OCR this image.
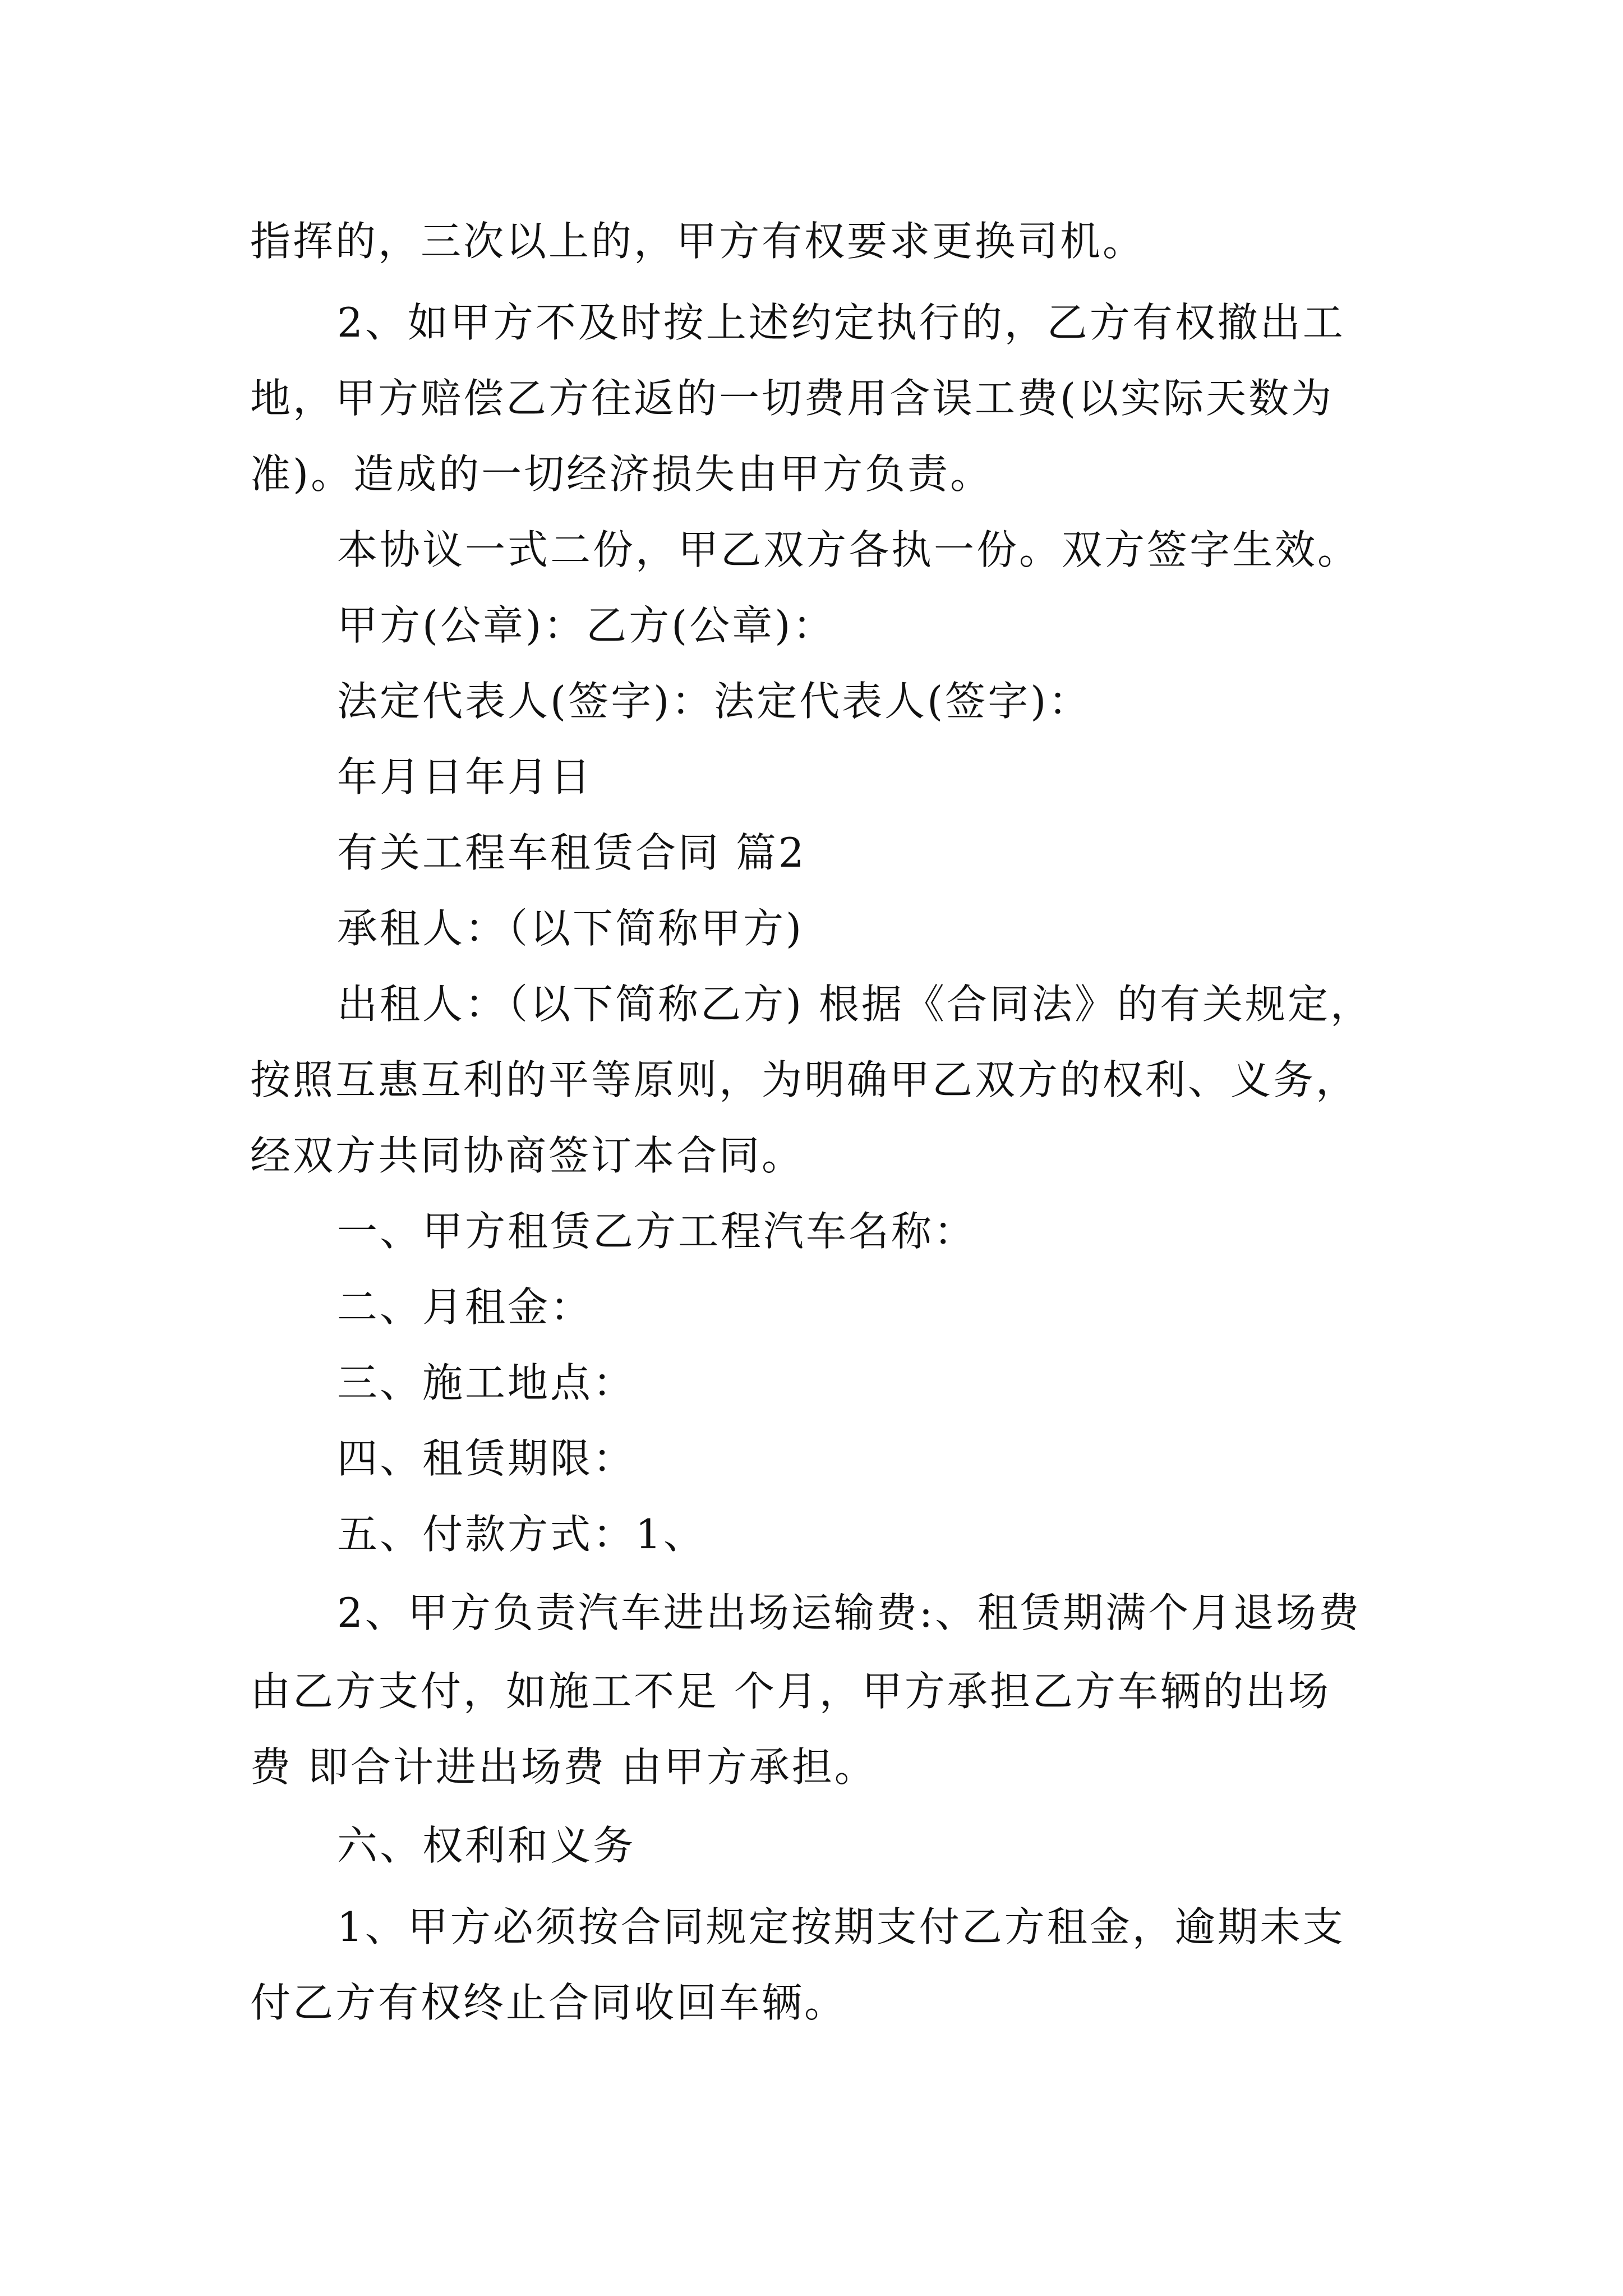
指挥的，三次以上的，甲方有权要求更换司机。
2、如甲方不及时按上述约定执行的，乙方有权撤出工
地，甲方赔偿乙方往返的一切费用含误工费(以实际天数为
准)。造成的一切经济损失由甲方负责。
本协议一式二份，甲乙双方各执一份。双方签字生效。
甲方(公章)：乙方(公章)：
法定代表人(签字)：法定代表人(签字)：
年月日年月日
有关工程车租赁合同 篇2
承租人：（以下简称甲方)
出租人：（以下简称乙方) 根据《合同法》的有关规定，
按照互惠互利的平等原则，为明确甲乙双方的权利、义务，
经双方共同协商签订本合同。
一、甲方租赁乙方工程汽车名称：
二、月租金：
三、施工地点：
四、租赁期限：
五、付款方式：1、
2、甲方负责汽车进出场运输费:、租赁期满个月退场费
由乙方支付，如施工不足 个月，甲方承担乙方车辆的出场
费 即合计进出场费 由甲方承担。
六、权利和义务
1、甲方必须按合同规定按期支付乙方租金，逾期未支
付乙方有权终止合同收回车辆。
